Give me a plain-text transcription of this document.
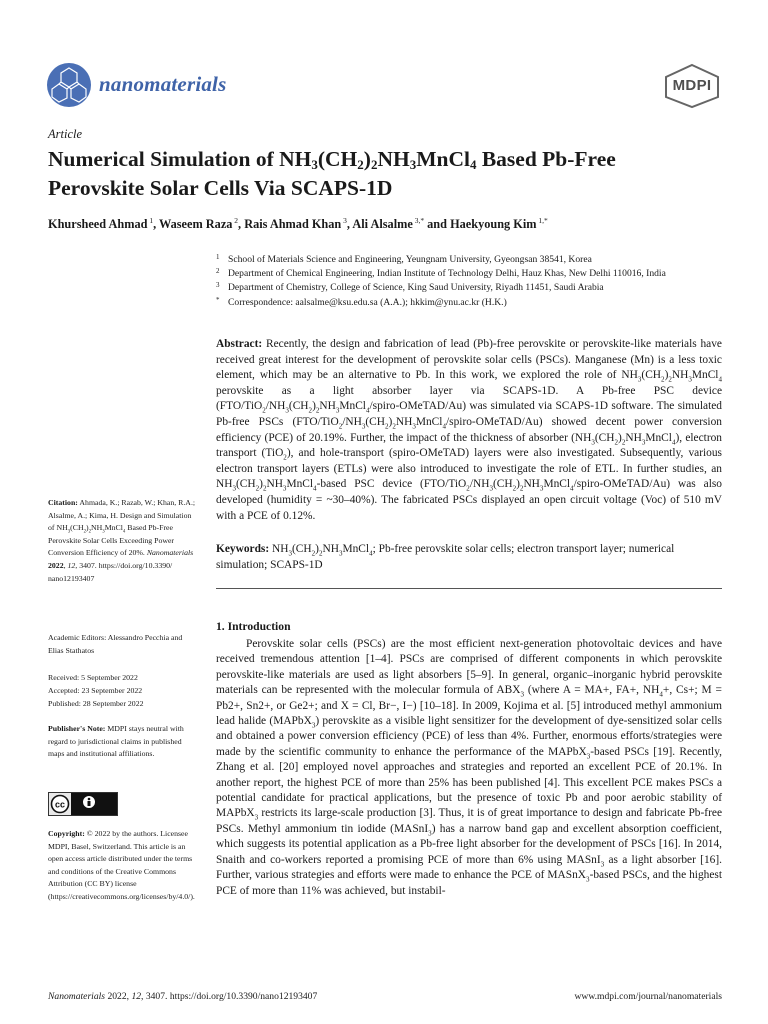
nanomaterials	MDPI
Article
Numerical Simulation of $NH_3(CH_2)_2NH_3MnCl_4$ Based Pb-Free
Perovskite Solar Cells Via SCAPS-1D
Khursheed Ahmad $^1$, Waseem Raza $^2$, Rais Ahmad Khan $^3$, Ali Alsalme $^{3,*}$ and Haekyoung Kim $^{1,*}$
1 School of Materials Science and Engineering, Yeungnam University, Gyeongsan 38541, Korea
2 Department of Chemical Engineering, Indian Institute of Technology Delhi, Hauz Khas, New Delhi 110016, India
3 Department of Chemistry, College of Science, King Saud University, Riyadh 11451, Saudi Arabia
* Correspondence: aalsalme@ksu.edu.sa (A.A.); hkkim@ynu.ac.kr (H.K.)
Abstract: Recently, the design and fabrication of lead (Pb)-free perovskite or perovskite-like materials have received great interest for the development of perovskite solar cells (PSCs). Manganese (Mn) is a less toxic element, which may be an alternative to Pb. In this work, we explored the role of $NH_3(CH_2)_2NH_3MnCl_4$ perovskite as a light absorber layer via SCAPS-1D. A Pb-free PSC device $(FTO/TiO_2/NH_3(CH_2)_2NH_3MnCl_4/spiro-OMeTAD/Au)$ was simulated via SCAPS-1D software. The simulated Pb-free PSCs $(FTO/TiO_2/NH_3(CH_2)_2NH_3MnCl_4/spiro-OMeTAD/Au)$ showed decent power conversion efficiency (PCE) of 20.19%. Further, the impact of the thickness of absorber $(NH_3(CH_2)_2NH_3MnCl_4)$, electron transport (TiO$_2$), and hole-transport (spiro-OMeTAD) layers were also investigated. Subsequently, various electron transport layers (ETLs) were also introduced to investigate the role of ETL. In further studies, an $NH_3(CH_2)_2NH_3MnCl_4$-based PSC device $(FTO/TiO_2/NH_3(CH_2)_2NH_3MnCl_4/spiro-OMeTAD/Au)$ was also developed (humidity = ~30–40%). The fabricated PSCs displayed an open circuit voltage (Voc) of 510 mV with a PCE of 0.12%.
Keywords: $NH_3(CH_2)_2NH_3MnCl_4$; Pb-free perovskite solar cells; electron transport layer; numerical simulation; SCAPS-1D
1. Introduction

Perovskite solar cells (PSCs) are the most efficient next-generation photovoltaic devices and have received tremendous attention [1–4]. PSCs are comprised of different components in which perovskite perovskite-like materials are used as light absorbers [5–9]. In general, organic–inorganic hybrid perovskite materials can be represented with the molecular formula of $ABX_3$ (where A = MA+, FA+, $NH_4+$, Cs+; M = Pb2+, Sn2+, or Ge2+; and X = Cl, Br−, I−) [10–18]. In 2009, Kojima et al. [5] introduced methyl ammonium lead halide (MAPbX$_3$) perovskite as a visible light sensitizer for the development of dye-sensitized solar cells and obtained a power conversion efficiency (PCE) of less than 4%. Further, enormous efforts/strategies were made by the scientific community to enhance the performance of the MAPbX$_3$-based PSCs [19]. Recently, Zhang et al. [20] employed novel approaches and strategies and reported an excellent PCE of 20.1%. In another report, the highest PCE of more than 25% has been published [4]. This excellent PCE makes PSCs a potential candidate for practical applications, but the presence of toxic Pb and poor aerobic stability of MAPbX$_3$ restricts its large-scale production [3]. Thus, it is of great importance to design and fabricate Pb-free PSCs. Methyl ammonium tin iodide (MASnI$_3$) has a narrow band gap and excellent absorption coefficient, which suggests its potential application as a Pb-free light absorber for the development of PSCs [16]. In 2014, Snaith and co-workers reported a promising PCE of more than 6% using MASnI$_3$ as a light absorber [16]. Further, various strategies and efforts were made to enhance the PCE of MASnX$_3$-based PSCs, and the highest PCE of more than 11% was achieved, but instabil-

Citation: Ahmada, K.; Razab, W.; Khan, R.A.; Alsalme, A.; Kima, H. Design and Simulation of $NH_3(CH_2)_2NH_3MnCl_4$ Based Pb-Free Perovskite Solar Cells Exceeding Power Conversion Efficiency of 20%. Nanomaterials 2022, 12, 3407. https://doi.org/10.3390/ nano12193407
Academic Editors: Alessandro Pecchia and Elias Stathatos
Received: 5 September 2022
Accepted: 23 September 2022
Published: 28 September 2022
Publisher's Note: MDPI stays neutral with regard to jurisdictional claims in published maps and institutional affiliations.
cc
Copyright: © 2022 by the authors. Licensee MDPI, Basel, Switzerland. This article is an open access article distributed under the terms and conditions of the Creative Commons Attribution (CC BY) license (https://creativecommons.org/licenses/by/4.0/).
Nanomaterials 2022, 12, 3407. https://doi.org/10.3390/nano12193407	www.mdpi.com/journal/nanomaterials
